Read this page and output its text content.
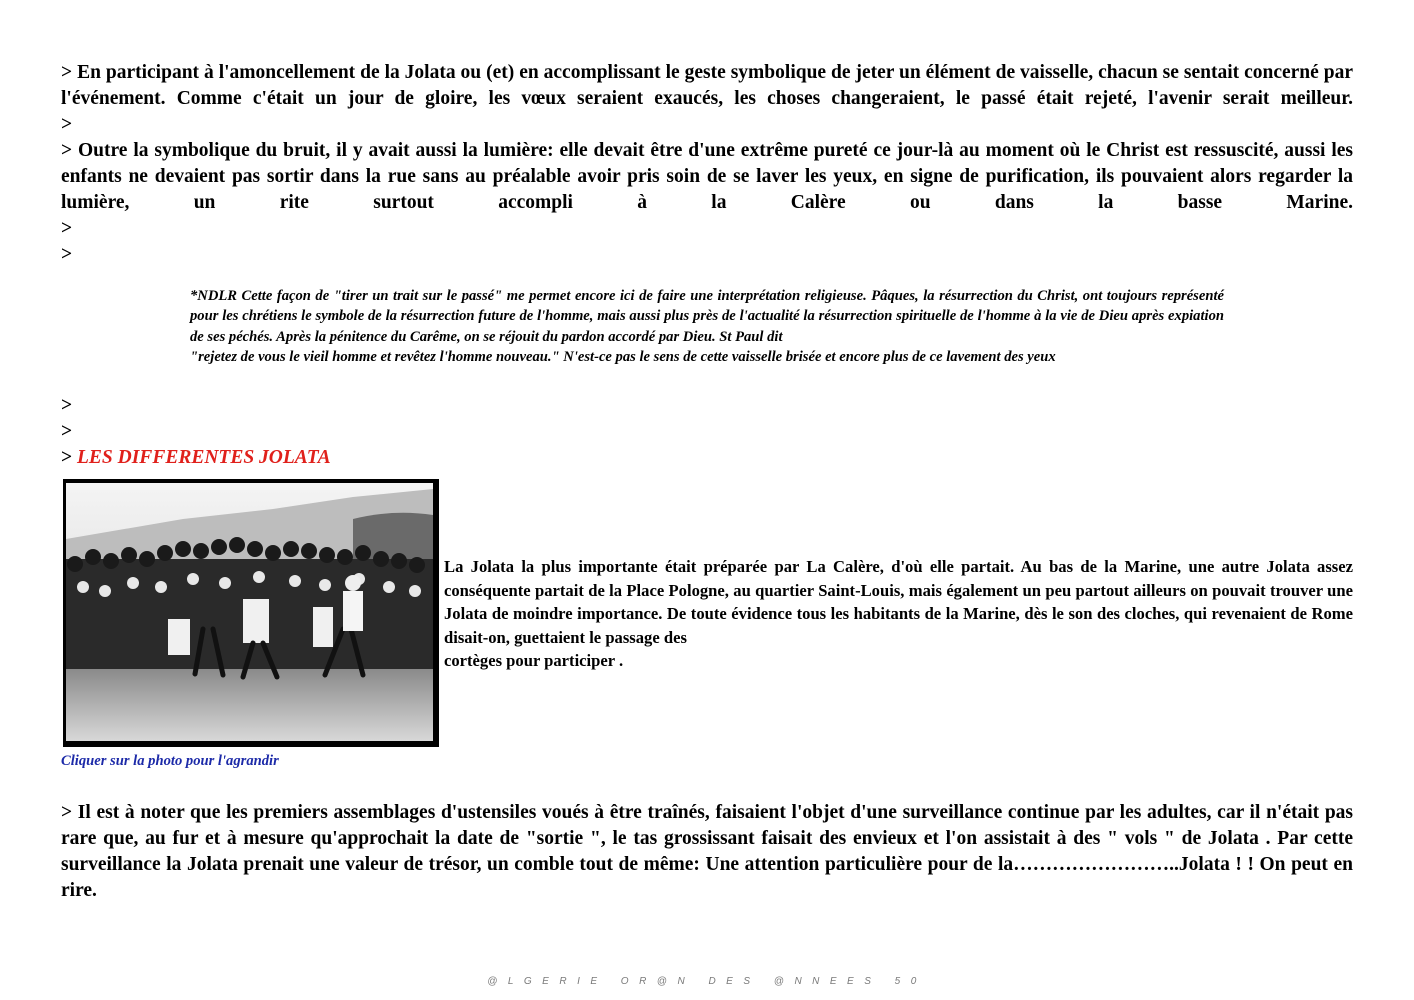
> En participant à l'amoncellement de la Jolata ou (et) en accomplissant le geste symbolique de jeter un élément de vaisselle, chacun se sentait concerné par l'événement. Comme c'était un jour de gloire, les vœux seraient exaucés, les choses changeraient, le passé était rejeté, l'avenir serait meilleur.

>

> Outre la symbolique du bruit, il y avait aussi la lumière: elle devait être d'une extrême pureté ce jour-là au moment où le Christ est ressuscité, aussi les enfants ne devaient pas sortir dans la rue sans au préalable avoir pris soin de se laver les yeux, en signe de purification, ils pouvaient alors regarder la lumière, un rite surtout accompli à la Calère ou dans la basse Marine.

>

>

*NDLR Cette façon de "tirer un trait sur le passé" me permet encore ici de faire une interprétation religieuse. Pâques, la résurrection du Christ, ont toujours représenté pour les chrétiens le symbole de la résurrection future de l'homme, mais aussi plus près de l'actualité la résurrection spirituelle de l'homme à la vie de Dieu après expiation de ses péchés. Après la pénitence du Carême, on se réjouit du pardon accordé par Dieu. St Paul dit
"rejetez de vous le vieil homme et revêtez l'homme nouveau." N'est-ce pas le sens de cette vaisselle brisée et encore plus de ce lavement des yeux

>

>

> LES DIFFERENTES JOLATA

La Jolata la plus importante était préparée par La Calère, d'où elle partait. Au bas de la Marine, une autre Jolata assez conséquente partait de la Place Pologne, au quartier Saint-Louis, mais également un peu partout ailleurs on pouvait trouver une Jolata de moindre importance. De toute évidence tous les habitants de la Marine, dès le son des cloches, qui revenaient de Rome disait-on, guettaient le passage des
cortèges pour participer .
Cliquer sur la photo pour l'agrandir

> Il est à noter que les premiers assemblages d'ustensiles voués à être traînés, faisaient l'objet d'une surveillance continue par les adultes, car il n'était pas rare que, au fur et à mesure qu'approchait la date de "sortie ", le tas grossissant faisait des envieux et l'on assistait à des " vols " de Jolata . Par cette surveillance la Jolata prenait une valeur de trésor, un comble tout de même: Une attention particulière pour de la……………………..Jolata ! ! On peut en rire.

@LGERIE OR@N DES @NNEES 50
